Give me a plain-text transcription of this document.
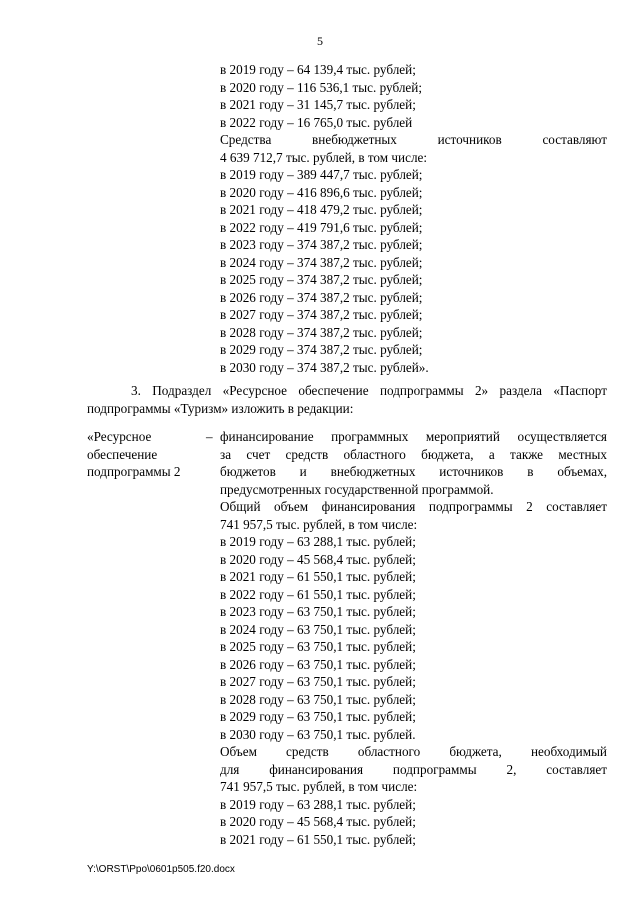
5
в 2019 году – 64 139,4 тыс. рублей;
в 2020 году – 116 536,1 тыс. рублей;
в 2021 году – 31 145,7 тыс. рублей;
в 2022 году – 16 765,0 тыс. рублей
Средства внебюджетных источников составляют
4 639 712,7 тыс. рублей, в том числе:
в 2019 году – 389 447,7 тыс. рублей;
в 2020 году – 416 896,6 тыс. рублей;
в 2021 году – 418 479,2 тыс. рублей;
в 2022 году – 419 791,6 тыс. рублей;
в 2023 году – 374 387,2 тыс. рублей;
в 2024 году – 374 387,2 тыс. рублей;
в 2025 году – 374 387,2 тыс. рублей;
в 2026 году – 374 387,2 тыс. рублей;
в 2027 году – 374 387,2 тыс. рублей;
в 2028 году – 374 387,2 тыс. рублей;
в 2029 году – 374 387,2 тыс. рублей;
в 2030 году – 374 387,2 тыс. рублей».
3. Подраздел «Ресурсное обеспечение подпрограммы 2» раздела «Паспорт
подпрограммы «Туризм» изложить в редакции:
«Ресурсное
обеспечение
подпрограммы 2
– финансирование программных мероприятий осуществляется
за счет средств областного бюджета, а также местных
бюджетов и внебюджетных источников в объемах,
предусмотренных государственной программой.
Общий объем финансирования подпрограммы 2 составляет
741 957,5 тыс. рублей, в том числе:
в 2019 году – 63 288,1 тыс. рублей;
в 2020 году – 45 568,4 тыс. рублей;
в 2021 году – 61 550,1 тыс. рублей;
в 2022 году – 61 550,1 тыс. рублей;
в 2023 году – 63 750,1 тыс. рублей;
в 2024 году – 63 750,1 тыс. рублей;
в 2025 году – 63 750,1 тыс. рублей;
в 2026 году – 63 750,1 тыс. рублей;
в 2027 году – 63 750,1 тыс. рублей;
в 2028 году – 63 750,1 тыс. рублей;
в 2029 году – 63 750,1 тыс. рублей;
в 2030 году – 63 750,1 тыс. рублей.
Объем средств областного бюджета, необходимый
для финансирования подпрограммы 2, составляет
741 957,5 тыс. рублей, в том числе:
в 2019 году – 63 288,1 тыс. рублей;
в 2020 году – 45 568,4 тыс. рублей;
в 2021 году – 61 550,1 тыс. рублей;
Y:\ORST\Ppo\0601p505.f20.docx
